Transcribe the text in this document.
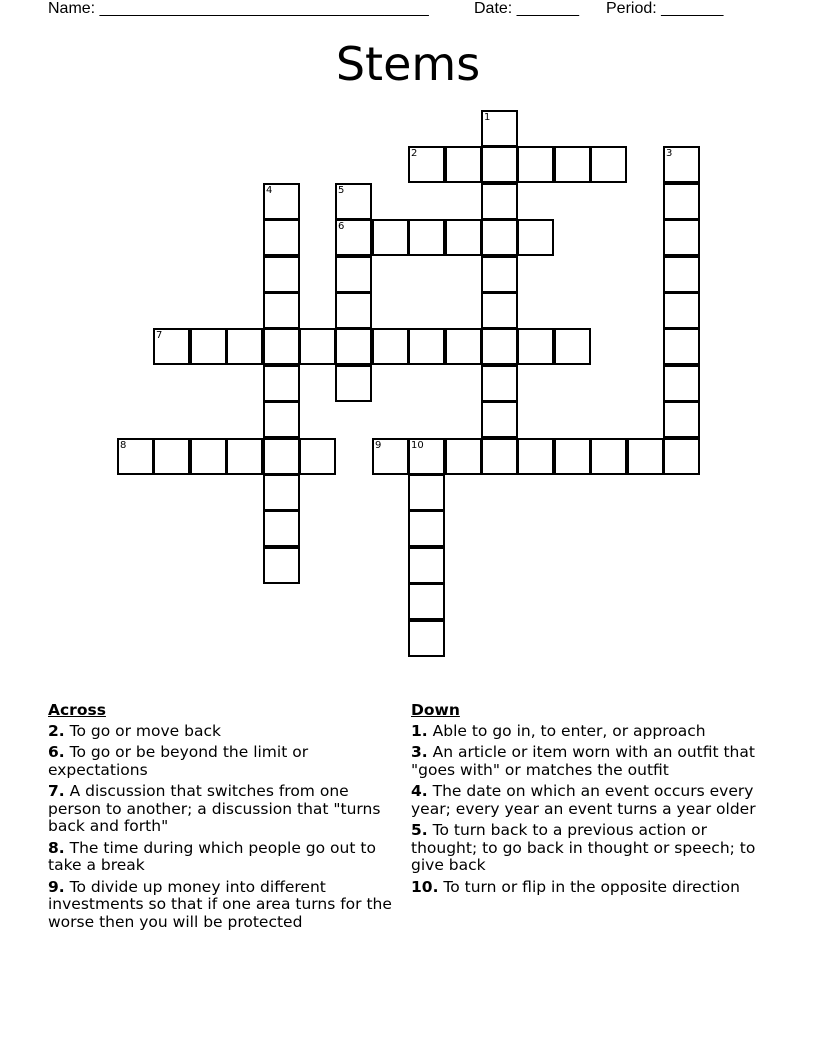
Name: _____________________________________	Date: _______ Period: _______
Stems
1
2	3
4	5
6
7
8	9	10
Across
2. To go or move back
6. To go or be beyond the limit or expectations
7. A discussion that switches from one person to another; a discussion that "turns back and forth"
8. The time during which people go out to take a break
9. To divide up money into different investments so that if one area turns for the worse then you will be protected
Down
1. Able to go in, to enter, or approach
3. An article or item worn with an outfit that "goes with" or matches the outfit
4. The date on which an event occurs every year; every year an event turns a year older
5. To turn back to a previous action or thought; to go back in thought or speech; to give back
10. To turn or flip in the opposite direction
